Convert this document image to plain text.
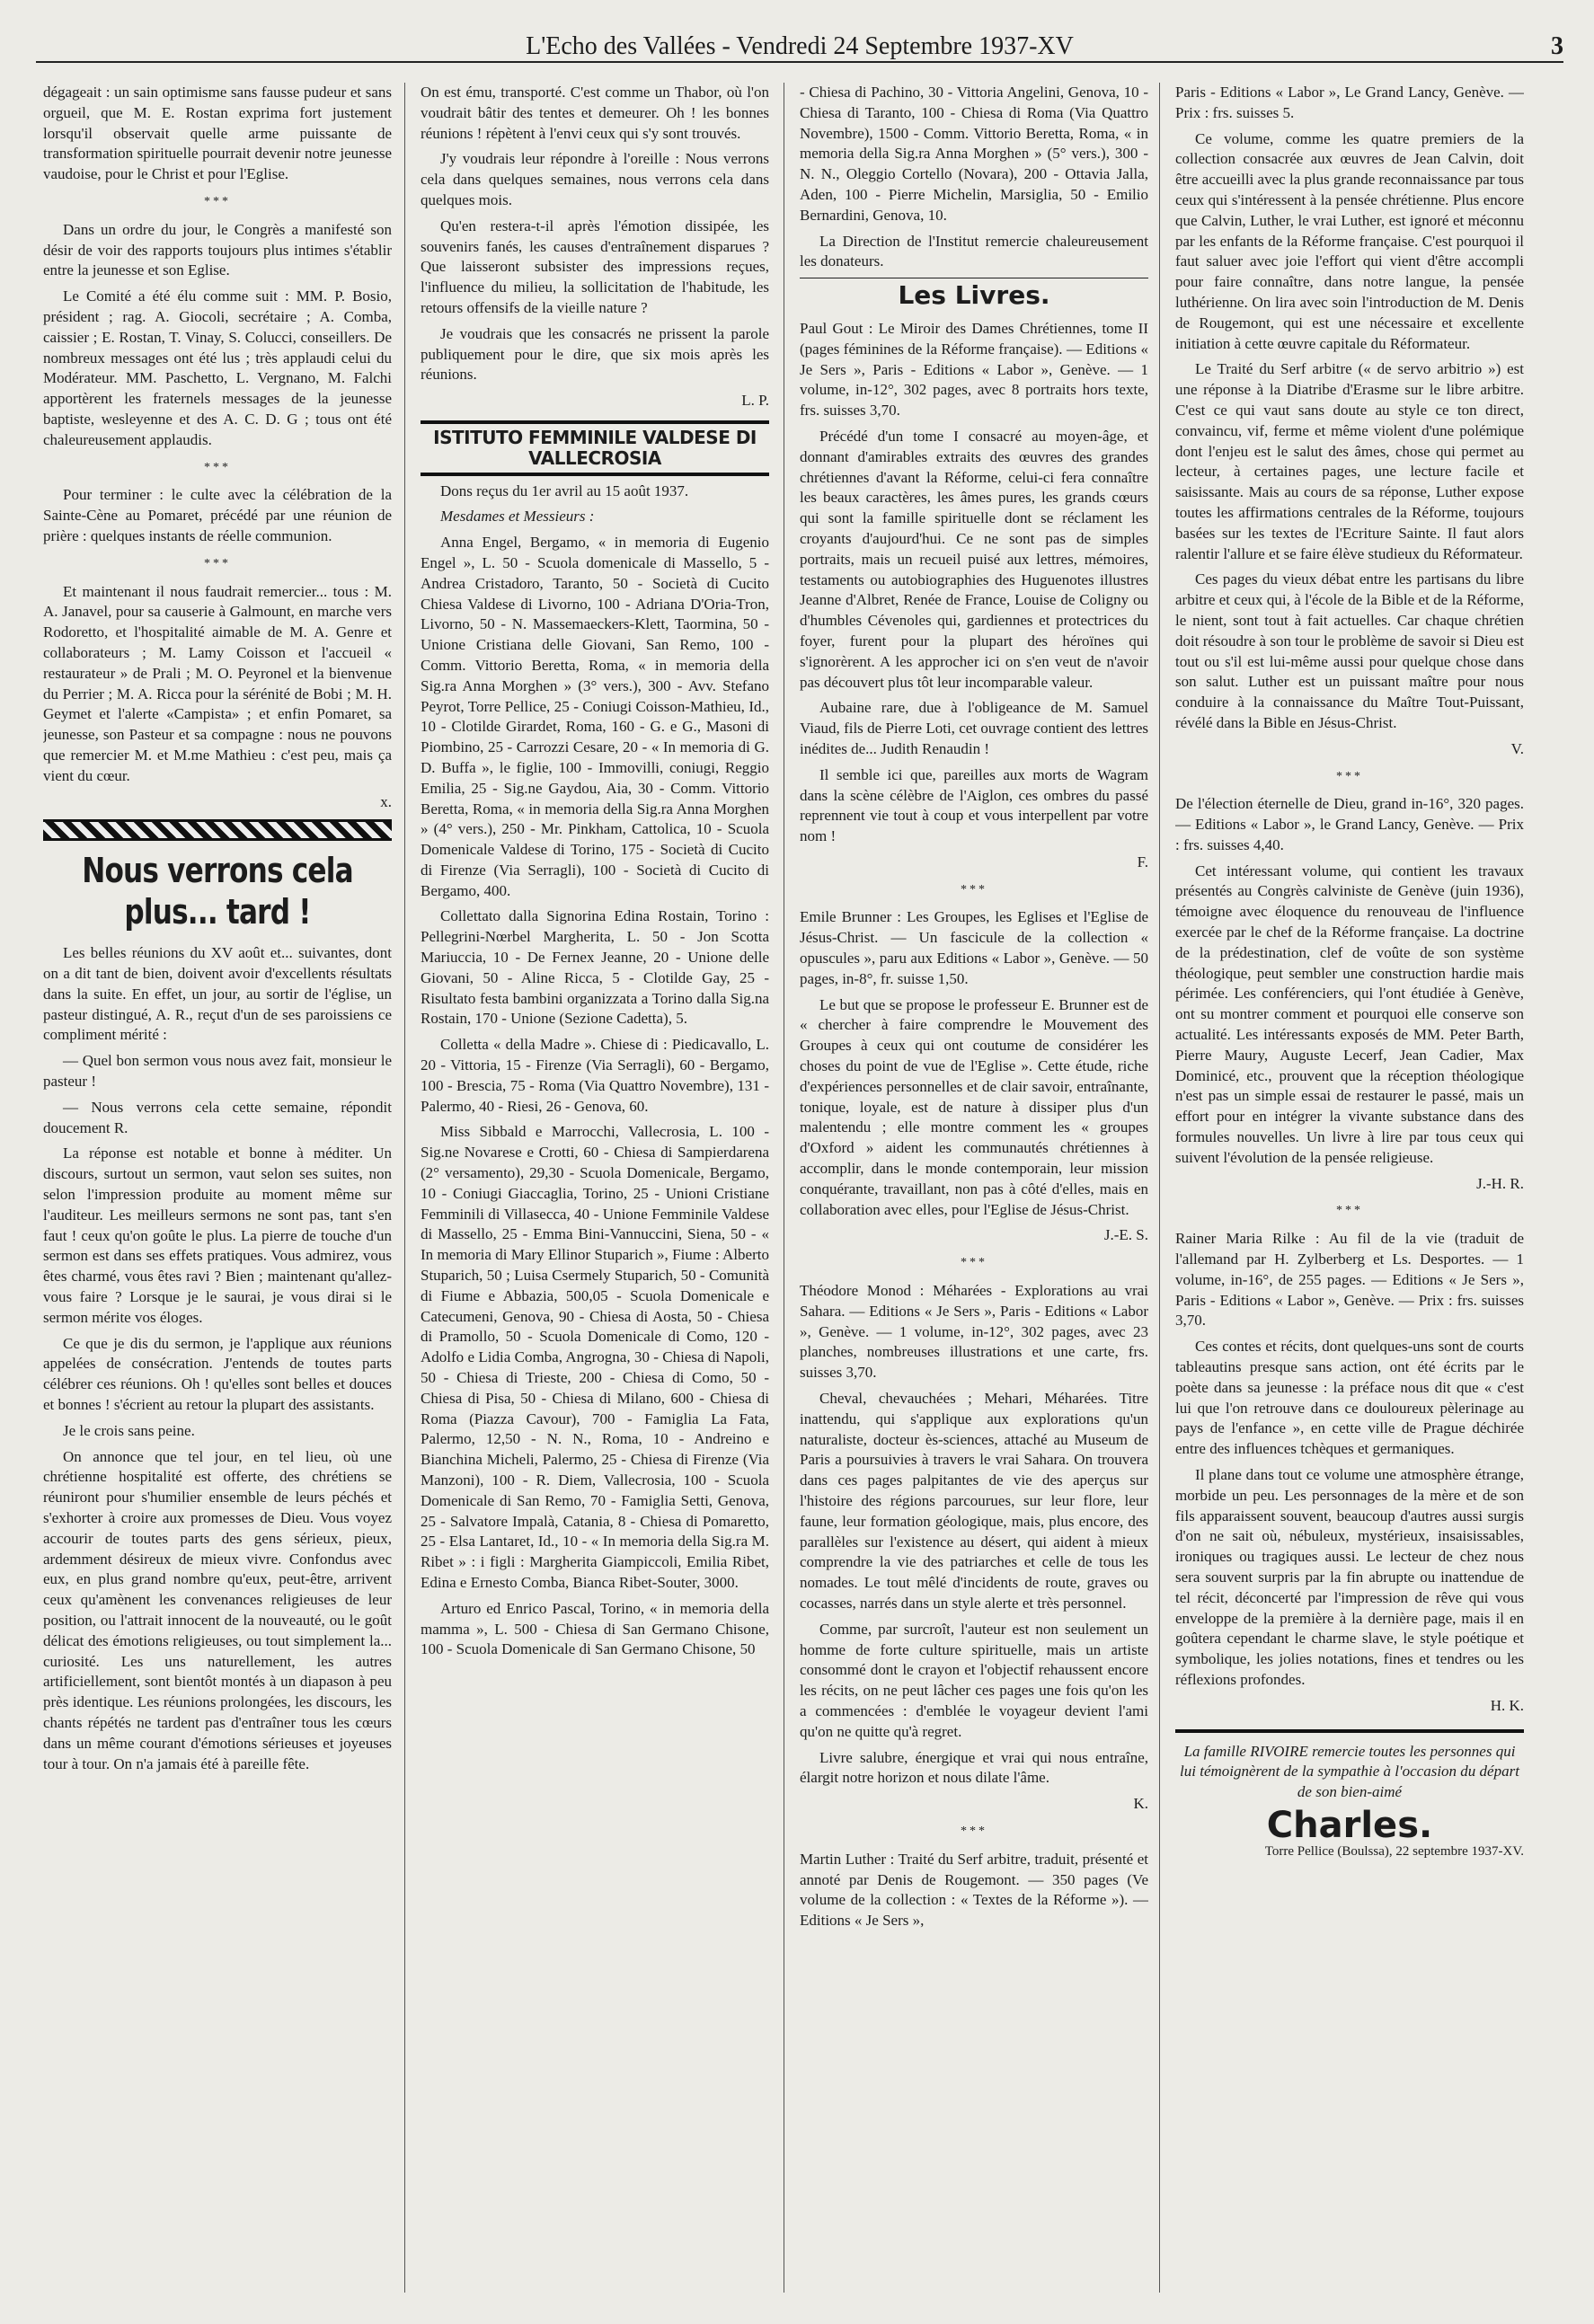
L'Echo des Vallées - Vendredi 24 Septembre 1937-XV	3

dégageait : un sain optimisme sans fausse pudeur et sans orgueil, que M. E. Rostan exprima fort justement lorsqu'il observait quelle arme puissante de transformation spirituelle pourrait devenir notre jeunesse vaudoise, pour le Christ et pour l'Eglise.

***

Dans un ordre du jour, le Congrès a manifesté son désir de voir des rapports toujours plus intimes s'établir entre la jeunesse et son Eglise.

Le Comité a été élu comme suit : MM. P. Bosio, président ; rag. A. Giocoli, secrétaire ; A. Comba, caissier ; E. Rostan, T. Vinay, S. Colucci, conseillers. De nombreux messages ont été lus ; très applaudi celui du Modérateur. MM. Paschetto, L. Vergnano, M. Falchi apportèrent les fraternels messages de la jeunesse baptiste, wesleyenne et des A. C. D. G ; tous ont été chaleureusement applaudis.

***

Pour terminer : le culte avec la célébration de la Sainte-Cène au Pomaret, précédé par une réunion de prière : quelques instants de réelle communion.

***

Et maintenant il nous faudrait remercier... tous : M. A. Janavel, pour sa causerie à Galmount, en marche vers Rodoretto, et l'hospitalité aimable de M. A. Genre et collaborateurs ; M. Lamy Coisson et l'accueil « restaurateur » de Prali ; M. O. Peyronel et la bienvenue du Perrier ; M. A. Ricca pour la sérénité de Bobi ; M. H. Geymet et l'alerte «Campista» ; et enfin Pomaret, sa jeunesse, son Pasteur et sa compagne : nous ne pouvons que remercier M. et M.me Mathieu : c'est peu, mais ça vient du cœur.

x.
Nous verrons cela plus... tard !

Les belles réunions du XV août et... suivantes, dont on a dit tant de bien, doivent avoir d'excellents résultats dans la suite. En effet, un jour, au sortir de l'église, un pasteur distingué, A. R., reçut d'un de ses paroissiens ce compliment mérité :

— Quel bon sermon vous nous avez fait, monsieur le pasteur !

— Nous verrons cela cette semaine, répondit doucement R.

La réponse est notable et bonne à méditer. Un discours, surtout un sermon, vaut selon ses suites, non selon l'impression produite au moment même sur l'auditeur. Les meilleurs sermons ne sont pas, tant s'en faut ! ceux qu'on goûte le plus. La pierre de touche d'un sermon est dans ses effets pratiques. Vous admirez, vous êtes charmé, vous êtes ravi ? Bien ; maintenant qu'allez-vous faire ? Lorsque je le saurai, je vous dirai si le sermon mérite vos éloges.

Ce que je dis du sermon, je l'applique aux réunions appelées de consécration. J'entends de toutes parts célébrer ces réunions. Oh ! qu'elles sont belles et douces et bonnes ! s'écrient au retour la plupart des assistants.

Je le crois sans peine.

On annonce que tel jour, en tel lieu, où une chrétienne hospitalité est offerte, des chrétiens se réuniront pour s'humilier ensemble de leurs péchés et s'exhorter à croire aux promesses de Dieu. Vous voyez accourir de toutes parts des gens sérieux, pieux, ardemment désireux de mieux vivre. Confondus avec eux, en plus grand nombre qu'eux, peut-être, arrivent ceux qu'amènent les convenances religieuses de leur position, ou l'attrait innocent de la nouveauté, ou le goût délicat des émotions religieuses, ou tout simplement la... curiosité. Les uns naturellement, les autres artificiellement, sont bientôt montés à un diapason à peu près identique. Les réunions prolongées, les discours, les chants répétés ne tardent pas d'entraîner tous les cœurs dans un même courant d'émotions sérieuses et joyeuses tour à tour. On n'a jamais été à pareille fête.

On est ému, transporté. C'est comme un Thabor, où l'on voudrait bâtir des tentes et demeurer. Oh ! les bonnes réunions ! répètent à l'envi ceux qui s'y sont trouvés.

J'y voudrais leur répondre à l'oreille : Nous verrons cela dans quelques semaines, nous verrons cela dans quelques mois.

Qu'en restera-t-il après l'émotion dissipée, les souvenirs fanés, les causes d'entraînement disparues ? Que laisseront subsister des impressions reçues, l'influence du milieu, la sollicitation de l'habitude, les retours offensifs de la vieille nature ?

Je voudrais que les consacrés ne prissent la parole publiquement pour le dire, que six mois après les réunions.

L. P.
ISTITUTO FEMMINILE VALDESE DI VALLECROSIA

Dons reçus du 1er avril au 15 août 1937.

Mesdames et Messieurs :

Anna Engel, Bergamo, « in memoria di Eugenio Engel », L. 50 - Scuola domenicale di Massello, 5 - Andrea Cristadoro, Taranto, 50 - Società di Cucito Chiesa Valdese di Livorno, 100 - Adriana D'Oria-Tron, Livorno, 50 - N. Massemaeckers-Klett, Taormina, 50 - Unione Cristiana delle Giovani, San Remo, 100 - Comm. Vittorio Beretta, Roma, « in memoria della Sig.ra Anna Morghen » (3° vers.), 300 - Avv. Stefano Peyrot, Torre Pellice, 25 - Coniugi Coisson-Mathieu, Id., 10 - Clotilde Girardet, Roma, 160 - G. e G., Masoni di Piombino, 25 - Carrozzi Cesare, 20 - « In memoria di G. D. Buffa », le figlie, 100 - Immovilli, coniugi, Reggio Emilia, 25 - Sig.ne Gaydou, Aia, 30 - Comm. Vittorio Beretta, Roma, « in memoria della Sig.ra Anna Morghen » (4° vers.), 250 - Mr. Pinkham, Cattolica, 10 - Scuola Domenicale Valdese di Torino, 175 - Società di Cucito di Firenze (Via Serragli), 100 - Società di Cucito di Bergamo, 400.

Collettato dalla Signorina Edina Rostain, Torino : Pellegrini-Nœrbel Margherita, L. 50 - Jon Scotta Mariuccia, 10 - De Fernex Jeanne, 20 - Unione delle Giovani, 50 - Aline Ricca, 5 - Clotilde Gay, 25 - Risultato festa bambini organizzata a Torino dalla Sig.na Rostain, 170 - Unione (Sezione Cadetta), 5.

Colletta « della Madre ». Chiese di : Piedicavallo, L. 20 - Vittoria, 15 - Firenze (Via Serragli), 60 - Bergamo, 100 - Brescia, 75 - Roma (Via Quattro Novembre), 131 - Palermo, 40 - Riesi, 26 - Genova, 60.

Miss Sibbald e Marrocchi, Vallecrosia, L. 100 - Sig.ne Novarese e Crotti, 60 - Chiesa di Sampierdarena (2° versamento), 29,30 - Scuola Domenicale, Bergamo, 10 - Coniugi Giaccaglia, Torino, 25 - Unioni Cristiane Femminili di Villasecca, 40 - Unione Femminile Valdese di Massello, 25 - Emma Bini-Vannuccini, Siena, 50 - « In memoria di Mary Ellinor Stuparich », Fiume : Alberto Stuparich, 50 ; Luisa Csermely Stuparich, 50 - Comunità di Fiume e Abbazia, 500,05 - Scuola Domenicale e Catecumeni, Genova, 90 - Chiesa di Aosta, 50 - Chiesa di Pramollo, 50 - Scuola Domenicale di Como, 120 - Adolfo e Lidia Comba, Angrogna, 30 - Chiesa di Napoli, 50 - Chiesa di Trieste, 200 - Chiesa di Como, 50 - Chiesa di Pisa, 50 - Chiesa di Milano, 600 - Chiesa di Roma (Piazza Cavour), 700 - Famiglia La Fata, Palermo, 12,50 - N. N., Roma, 10 - Andreino e Bianchina Micheli, Palermo, 25 - Chiesa di Firenze (Via Manzoni), 100 - R. Diem, Vallecrosia, 100 - Scuola Domenicale di San Remo, 70 - Famiglia Setti, Genova, 25 - Salvatore Impalà, Catania, 8 - Chiesa di Pomaretto, 25 - Elsa Lantaret, Id., 10 - « In memoria della Sig.ra M. Ribet » : i figli : Margherita Giampiccoli, Emilia Ribet, Edina e Ernesto Comba, Bianca Ribet-Souter, 3000.

Arturo ed Enrico Pascal, Torino, « in memoria della mamma », L. 500 - Chiesa di San Germano Chisone, 100 - Scuola Domenicale di San Germano Chisone, 50

- Chiesa di Pachino, 30 - Vittoria Angelini, Genova, 10 - Chiesa di Taranto, 100 - Chiesa di Roma (Via Quattro Novembre), 1500 - Comm. Vittorio Beretta, Roma, « in memoria della Sig.ra Anna Morghen » (5° vers.), 300 - N. N., Oleggio Cortello (Novara), 200 - Ottavia Jalla, Aden, 100 - Pierre Michelin, Marsiglia, 50 - Emilio Bernardini, Genova, 10.

La Direction de l'Institut remercie chaleureusement les donateurs.

Les Livres.

Paul Gout : Le Miroir des Dames Chrétiennes, tome II (pages féminines de la Réforme française). — Editions « Je Sers », Paris - Editions « Labor », Genève. — 1 volume, in-12°, 302 pages, avec 8 portraits hors texte, frs. suisses 3,70.

Précédé d'un tome I consacré au moyen-âge, et donnant d'amirables extraits des œuvres des grandes chrétiennes d'avant la Réforme, celui-ci fera connaître les beaux caractères, les âmes pures, les grands cœurs qui sont la famille spirituelle dont se réclament les croyants d'aujourd'hui. Ce ne sont pas de simples portraits, mais un recueil puisé aux lettres, mémoires, testaments ou autobiographies des Huguenotes illustres Jeanne d'Albret, Renée de France, Louise de Coligny ou d'humbles Cévenoles qui, gardiennes et protectrices du foyer, furent pour la plupart des héroïnes qui s'ignorèrent. A les approcher ici on s'en veut de n'avoir pas découvert plus tôt leur incomparable valeur.

Aubaine rare, due à l'obligeance de M. Samuel Viaud, fils de Pierre Loti, cet ouvrage contient des lettres inédites de... Judith Renaudin !

Il semble ici que, pareilles aux morts de Wagram dans la scène célèbre de l'Aiglon, ces ombres du passé reprennent vie tout à coup et vous interpellent par votre nom !

F.
***

Emile Brunner : Les Groupes, les Eglises et l'Eglise de Jésus-Christ. — Un fascicule de la collection « opuscules », paru aux Editions « Labor », Genève. — 50 pages, in-8°, fr. suisse 1,50.

Le but que se propose le professeur E. Brunner est de « chercher à faire comprendre le Mouvement des Groupes à ceux qui ont coutume de considérer les choses du point de vue de l'Eglise ». Cette étude, riche d'expériences personnelles et de clair savoir, entraînante, tonique, loyale, est de nature à dissiper plus d'un malentendu ; elle montre comment les « groupes d'Oxford » aident les communautés chrétiennes à accomplir, dans le monde contemporain, leur mission conquérante, travaillant, non pas à côté d'elles, mais en collaboration avec elles, pour l'Eglise de Jésus-Christ.

J.-E. S.
***

Théodore Monod : Méharées - Explorations au vrai Sahara. — Editions « Je Sers », Paris - Editions « Labor », Genève. — 1 volume, in-12°, 302 pages, avec 23 planches, nombreuses illustrations et une carte, frs. suisses 3,70.

Cheval, chevauchées ; Mehari, Méharées. Titre inattendu, qui s'applique aux explorations qu'un naturaliste, docteur ès-sciences, attaché au Museum de Paris a poursuivies à travers le vrai Sahara. On trouvera dans ces pages palpitantes de vie des aperçus sur l'histoire des régions parcourues, sur leur flore, leur faune, leur formation géologique, mais, plus encore, des parallèles sur l'existence au désert, qui aident à mieux comprendre la vie des patriarches et celle de tous les nomades. Le tout mêlé d'incidents de route, graves ou cocasses, narrés dans un style alerte et très personnel.

Comme, par surcroît, l'auteur est non seulement un homme de forte culture spirituelle, mais un artiste consommé dont le crayon et l'objectif rehaussent encore les récits, on ne peut lâcher ces pages une fois qu'on les a commencées : d'emblée le voyageur devient l'ami qu'on ne quitte qu'à regret.

Livre salubre, énergique et vrai qui nous entraîne, élargit notre horizon et nous dilate l'âme.

K.
***

Martin Luther : Traité du Serf arbitre, traduit, présenté et annoté par Denis de Rougemont. — 350 pages (Ve volume de la collection : « Textes de la Réforme »). — Editions « Je Sers »,

Paris - Editions « Labor », Le Grand Lancy, Genève. — Prix : frs. suisses 5.

Ce volume, comme les quatre premiers de la collection consacrée aux œuvres de Jean Calvin, doit être accueilli avec la plus grande reconnaissance par tous ceux qui s'intéressent à la pensée chrétienne. Plus encore que Calvin, Luther, le vrai Luther, est ignoré et méconnu par les enfants de la Réforme française. C'est pourquoi il faut saluer avec joie l'effort qui vient d'être accompli pour faire connaître, dans notre langue, la pensée luthérienne. On lira avec soin l'introduction de M. Denis de Rougemont, qui est une nécessaire et excellente initiation à cette œuvre capitale du Réformateur.

Le Traité du Serf arbitre (« de servo arbitrio ») est une réponse à la Diatribe d'Erasme sur le libre arbitre. C'est ce qui vaut sans doute au style ce ton direct, convaincu, vif, ferme et même violent d'une polémique dont l'enjeu est le salut des âmes, chose qui permet au lecteur, à certaines pages, une lecture facile et saisissante. Mais au cours de sa réponse, Luther expose toutes les affirmations centrales de la Réforme, toujours basées sur les textes de l'Ecriture Sainte. Il faut alors ralentir l'allure et se faire élève studieux du Réformateur.

Ces pages du vieux débat entre les partisans du libre arbitre et ceux qui, à l'école de la Bible et de la Réforme, le nient, sont tout à fait actuelles. Car chaque chrétien doit résoudre à son tour le problème de savoir si Dieu est tout ou s'il est lui-même aussi pour quelque chose dans son salut. Luther est un puissant maître pour nous conduire à la connaissance du Maître Tout-Puissant, révélé dans la Bible en Jésus-Christ.

V.
***

De l'élection éternelle de Dieu, grand in-16°, 320 pages. — Editions « Labor », le Grand Lancy, Genève. — Prix : frs. suisses 4,40.

Cet intéressant volume, qui contient les travaux présentés au Congrès calviniste de Genève (juin 1936), témoigne avec éloquence du renouveau de l'influence exercée par le chef de la Réforme française. La doctrine de la prédestination, clef de voûte de son système théologique, peut sembler une construction hardie mais périmée. Les conférenciers, qui l'ont étudiée à Genève, ont su montrer comment et pourquoi elle conserve son actualité. Les intéressants exposés de MM. Peter Barth, Pierre Maury, Auguste Lecerf, Jean Cadier, Max Dominicé, etc., prouvent que la réception théologique n'est pas un simple essai de restaurer le passé, mais un effort pour en intégrer la vivante substance dans des formules nouvelles. Un livre à lire par tous ceux qui suivent l'évolution de la pensée religieuse.

J.-H. R.
***

Rainer Maria Rilke : Au fil de la vie (traduit de l'allemand par H. Zylberberg et Ls. Desportes. — 1 volume, in-16°, de 255 pages. — Editions « Je Sers », Paris - Editions « Labor », Genève. — Prix : frs. suisses 3,70.

Ces contes et récits, dont quelques-uns sont de courts tableautins presque sans action, ont été écrits par le poète dans sa jeunesse : la préface nous dit que « c'est lui que l'on retrouve dans ce douloureux pèlerinage au pays de l'enfance », en cette ville de Prague déchirée entre des influences tchèques et germaniques.

Il plane dans tout ce volume une atmosphère étrange, morbide un peu. Les personnages de la mère et de son fils apparaissent souvent, beaucoup d'autres aussi surgis d'on ne sait où, nébuleux, mystérieux, insaisissables, ironiques ou tragiques aussi. Le lecteur de chez nous sera souvent surpris par la fin abrupte ou inattendue de tel récit, déconcerté par l'impression de rêve qui vous enveloppe de la première à la dernière page, mais il en goûtera cependant le charme slave, le style poétique et symbolique, les jolies notations, fines et tendres ou les réflexions profondes.

H. K.

La famille RIVOIRE remercie toutes les personnes qui lui témoignèrent de la sympathie à l'occasion du départ de son bien-aimé

Charles.
Torre Pellice (Boulssa), 22 septembre 1937-XV.
